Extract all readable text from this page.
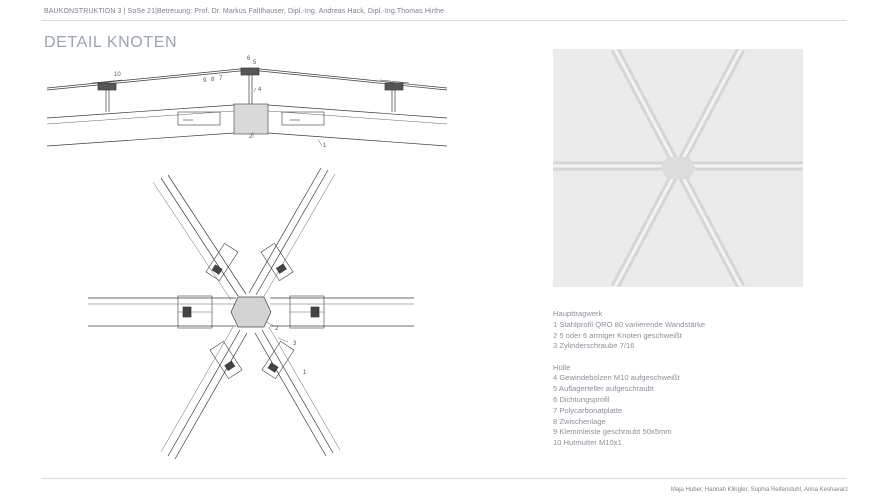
BAUKONSTRUKTION 3 | SoSe 21|Betreuung: Prof. Dr. Markus Faltlhauser, Dipl.-Ing. Andreas Hack, Dipl.-Ing.Thomas Hirthe
DETAIL KNOTEN
10
9 8 7
6
5
4
2
1
2
3
1
Haupttragwerk
1 Stahlprofil QRO 80 variierende Wandstärke
2 5 oder 6 armiger Knoten geschweißt
3 Zylinderschraube 7/16
Hülle
4 Gewindebolzen M10 aufgeschweißt
5 Auflagerteller aufgeschraubt
6 Dichtungsprofil
7 Polycarbonatplatte
8 Zwischenlage
9 Klemmleiste geschraubt 50x5mm
10 Hutmutter M10x1
Maja Huber, Hannah Klingler, Sophia Reifenstuhl, Arina Keshavarz
